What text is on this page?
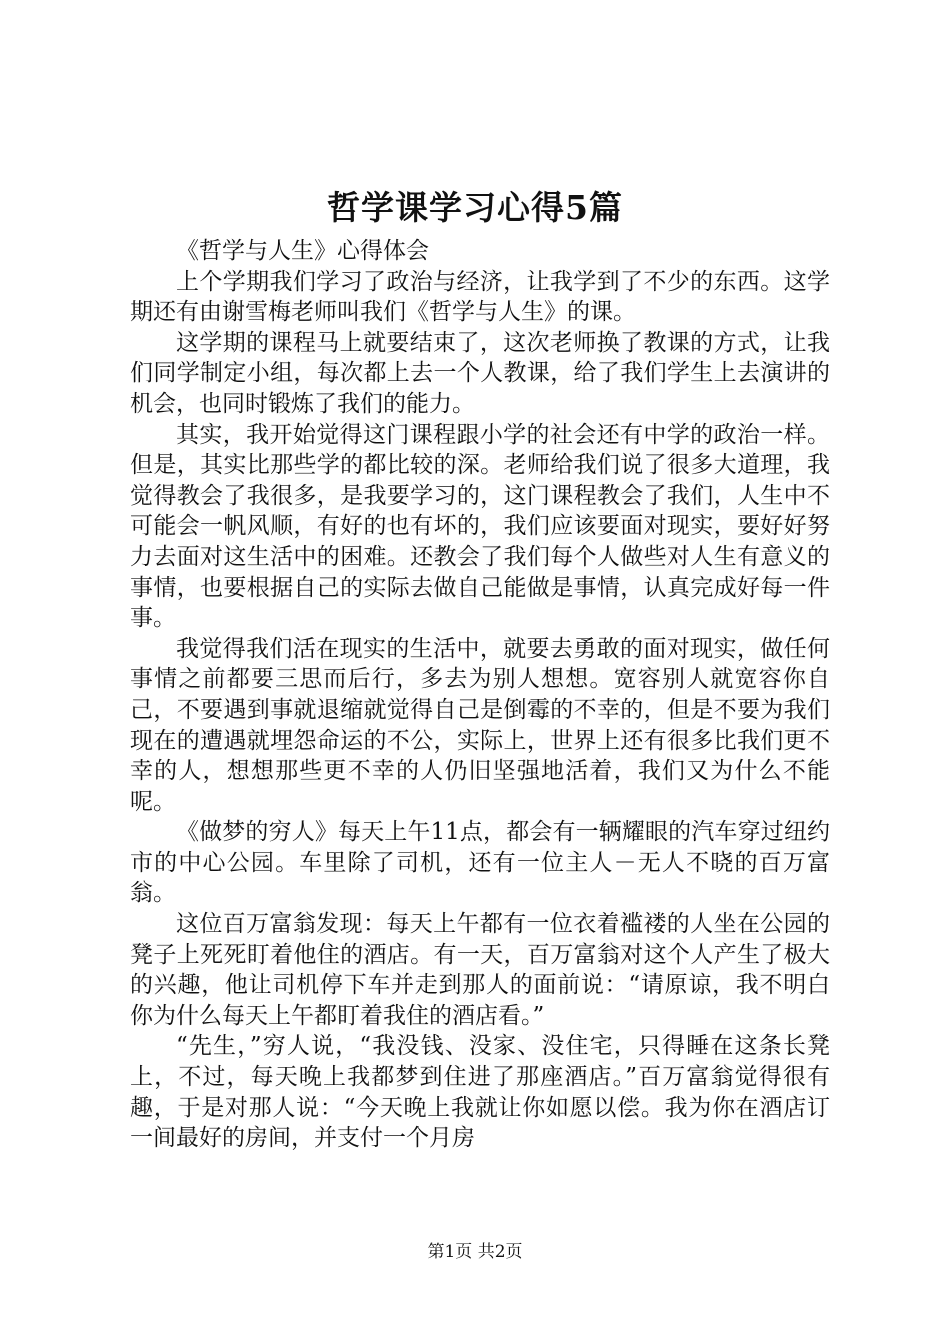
哲学课学习心得5篇

《哲学与人生》心得体会

上个学期我们学习了政治与经济，让我学到了不少的东西。这学期还有由谢雪梅老师叫我们《哲学与人生》的课。

这学期的课程马上就要结束了，这次老师换了教课的方式，让我们同学制定小组，每次都上去一个人教课，给了我们学生上去演讲的机会，也同时锻炼了我们的能力。

其实，我开始觉得这门课程跟小学的社会还有中学的政治一样。但是，其实比那些学的都比较的深。老师给我们说了很多大道理，我觉得教会了我很多，是我要学习的，这门课程教会了我们，人生中不可能会一帆风顺，有好的也有坏的，我们应该要面对现实，要好好努力去面对这生活中的困难。还教会了我们每个人做些对人生有意义的事情，也要根据自己的实际去做自己能做是事情，认真完成好每一件事。

我觉得我们活在现实的生活中，就要去勇敢的面对现实，做任何事情之前都要三思而后行，多去为别人想想。宽容别人就宽容你自己，不要遇到事就退缩就觉得自己是倒霉的不幸的，但是不要为我们现在的遭遇就埋怨命运的不公，实际上，世界上还有很多比我们更不幸的人，想想那些更不幸的人仍旧坚强地活着，我们又为什么不能呢。

《做梦的穷人》每天上午11点，都会有一辆耀眼的汽车穿过纽约市的中心公园。车里除了司机，还有一位主人－无人不晓的百万富翁。

这位百万富翁发现：每天上午都有一位衣着褴褛的人坐在公园的凳子上死死盯着他住的酒店。有一天，百万富翁对这个人产生了极大的兴趣，他让司机停下车并走到那人的面前说：“请原谅，我不明白你为什么每天上午都盯着我住的酒店看。”

“先生，”穷人说，“我没钱、没家、没住宅，只得睡在这条长凳上，不过，每天晚上我都梦到住进了那座酒店。”百万富翁觉得很有趣，于是对那人说：“今天晚上我就让你如愿以偿。我为你在酒店订一间最好的房间，并支付一个月房

第1页 共2页
